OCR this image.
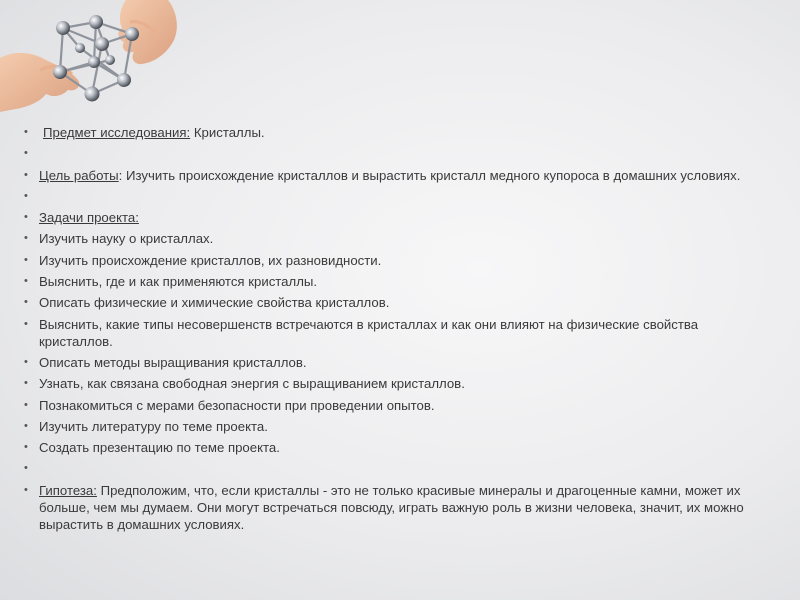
•	Предмет исследования: Кристаллы.
•
• Цель работы: Изучить происхождение кристаллов и вырастить кристалл медного купороса в домашних условиях.
•
• Задачи проекта:
• Изучить науку о кристаллах.
• Изучить происхождение кристаллов, их разновидности.
• Выяснить, где и как применяются кристаллы.
• Описать физические и химические свойства кристаллов.
• Выяснить, какие типы несовершенств встречаются в кристаллах и как они влияют на физические свойства кристаллов.
• Описать методы выращивания кристаллов.
• Узнать, как связана свободная энергия с выращиванием кристаллов.
• Познакомиться с мерами безопасности при проведении опытов.
• Изучить литературу по теме проекта.
• Создать презентацию по теме проекта.
•
• Гипотеза: Предположим, что, если кристаллы - это не только красивые минералы и драгоценные камни, может их больше, чем мы думаем. Они могут встречаться повсюду, играть важную роль в жизни человека, значит, их можно вырастить в домашних условиях.
